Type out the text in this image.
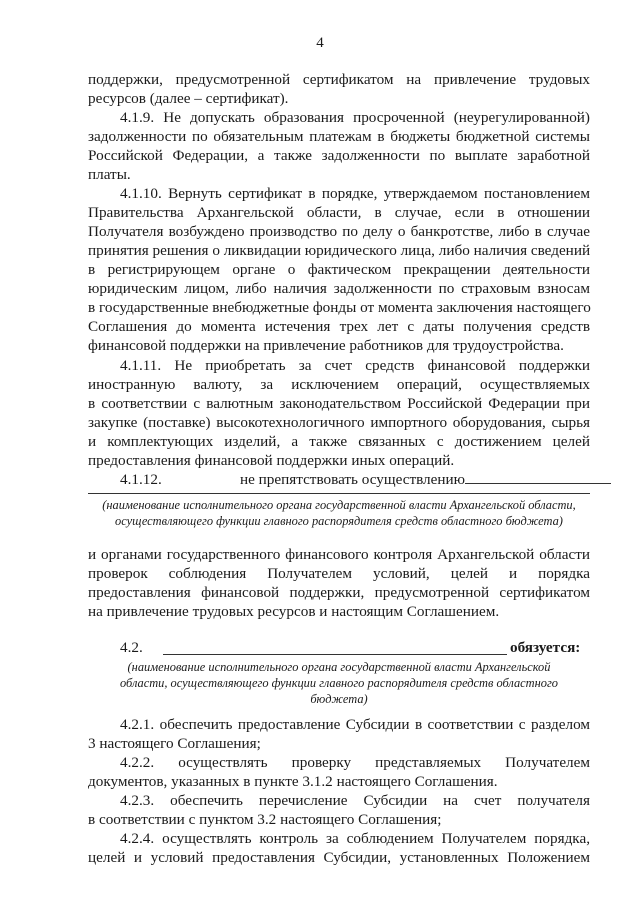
4
поддержки, предусмотренной сертификатом на привлечение трудовых
ресурсов (далее – сертификат).
4.1.9. Не допускать образования просроченной (неурегулированной)
задолженности по обязательным платежам в бюджеты бюджетной системы
Российской Федерации, а также задолженности по выплате заработной
платы.
4.1.10. Вернуть сертификат в порядке, утверждаемом постановлением
Правительства Архангельской области, в случае, если в отношении
Получателя возбуждено производство по делу о банкротстве, либо в случае
принятия решения о ликвидации юридического лица, либо наличия сведений
в регистрирующем органе о фактическом прекращении деятельности
юридическим лицом, либо наличия задолженности по страховым взносам
в государственные внебюджетные фонды от момента заключения настоящего
Соглашения до момента истечения трех лет с даты получения средств
финансовой поддержки на привлечение работников для трудоустройства.
4.1.11. Не приобретать за счет средств финансовой поддержки
иностранную валюту, за исключением операций, осуществляемых
в соответствии с валютным законодательством Российской Федерации при
закупке (поставке) высокотехнологичного импортного оборудования, сырья
и комплектующих изделий, а также связанных с достижением целей
предоставления финансовой поддержки иных операций.
4.1.12.	не препятствовать осуществлению
(наименование исполнительного органа государственной власти Архангельской области,
осуществляющего функции главного распорядителя средств областного бюджета)
и органами государственного финансового контроля Архангельской области
проверок соблюдения Получателем условий, целей и порядка
предоставления финансовой поддержки, предусмотренной сертификатом
на привлечение трудовых ресурсов и настоящим Соглашением.
4.2.	обязуется:
(наименование исполнительного органа государственной власти Архангельской
области, осуществляющего функции главного распорядителя средств областного
бюджета)
4.2.1. обеспечить предоставление Субсидии в соответствии с разделом
3 настоящего Соглашения;
4.2.2. осуществлять проверку представляемых Получателем
документов, указанных в пункте 3.1.2 настоящего Соглашения.
4.2.3. обеспечить перечисление Субсидии на счет получателя
в соответствии с пунктом 3.2 настоящего Соглашения;
4.2.4. осуществлять контроль за соблюдением Получателем порядка,
целей и условий предоставления Субсидии, установленных Положением
